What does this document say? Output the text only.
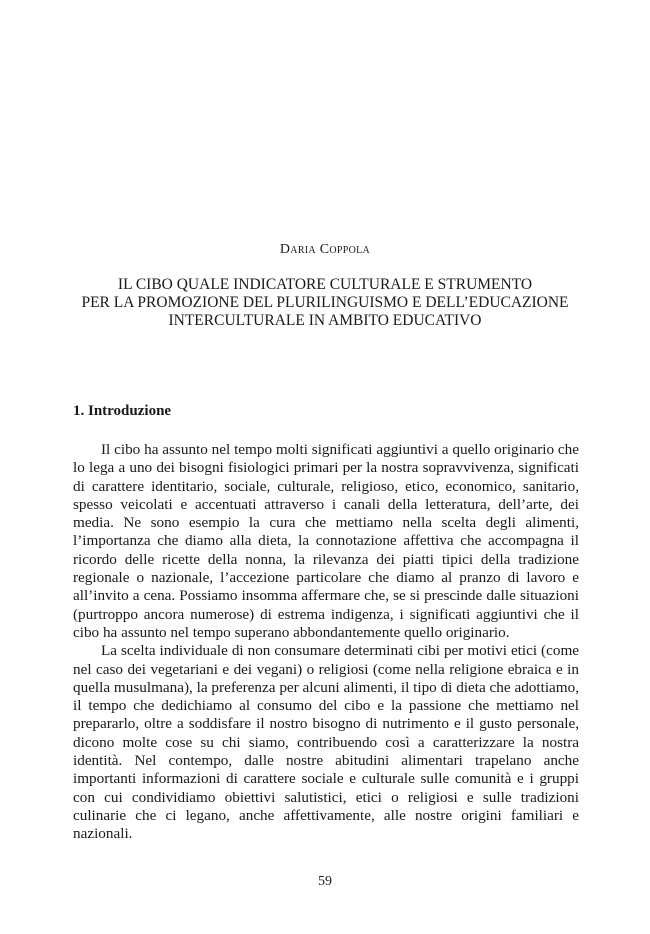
Daria Coppola

IL CIBO QUALE INDICATORE CULTURALE E STRUMENTO
PER LA PROMOZIONE DEL PLURILINGUISMO E DELL’EDUCAZIONE
INTERCULTURALE IN AMBITO EDUCATIVO
1. Introduzione

Il cibo ha assunto nel tempo molti significati aggiuntivi a quello originario che lo lega a uno dei bisogni fisiologici primari per la nostra sopravvivenza, significati di carattere identitario, sociale, culturale, religioso, etico, economico, sanitario, spesso veicolati e accentuati attraverso i canali della letteratura, dell’arte, dei media. Ne sono esempio la cura che mettiamo nella scelta degli alimenti, l’importanza che diamo alla dieta, la connotazione affettiva che accompagna il ricordo delle ricette della nonna, la rilevanza dei piatti tipici della tradizione regionale o nazionale, l’accezione particolare che diamo al pranzo di lavoro e all’invito a cena. Possiamo insomma affermare che, se si prescinde dalle situazioni (purtroppo ancora numerose) di estrema indigenza, i significati aggiuntivi che il cibo ha assunto nel tempo superano abbondantemente quello originario.

La scelta individuale di non consumare determinati cibi per motivi etici (come nel caso dei vegetariani e dei vegani) o religiosi (come nella religione ebraica e in quella musulmana), la preferenza per alcuni alimenti, il tipo di dieta che adottiamo, il tempo che dedichiamo al consumo del cibo e la passione che mettiamo nel prepararlo, oltre a soddisfare il nostro bisogno di nutrimento e il gusto personale, dicono molte cose su chi siamo, contribuendo così a caratterizzare la nostra identità. Nel contempo, dalle nostre abitudini alimentari trapelano anche importanti informazioni di carattere sociale e culturale sulle comunità e i gruppi con cui condividiamo obiettivi salutistici, etici o religiosi e sulle tradizioni culinarie che ci legano, anche affettivamente, alle nostre origini familiari e nazionali.

59
